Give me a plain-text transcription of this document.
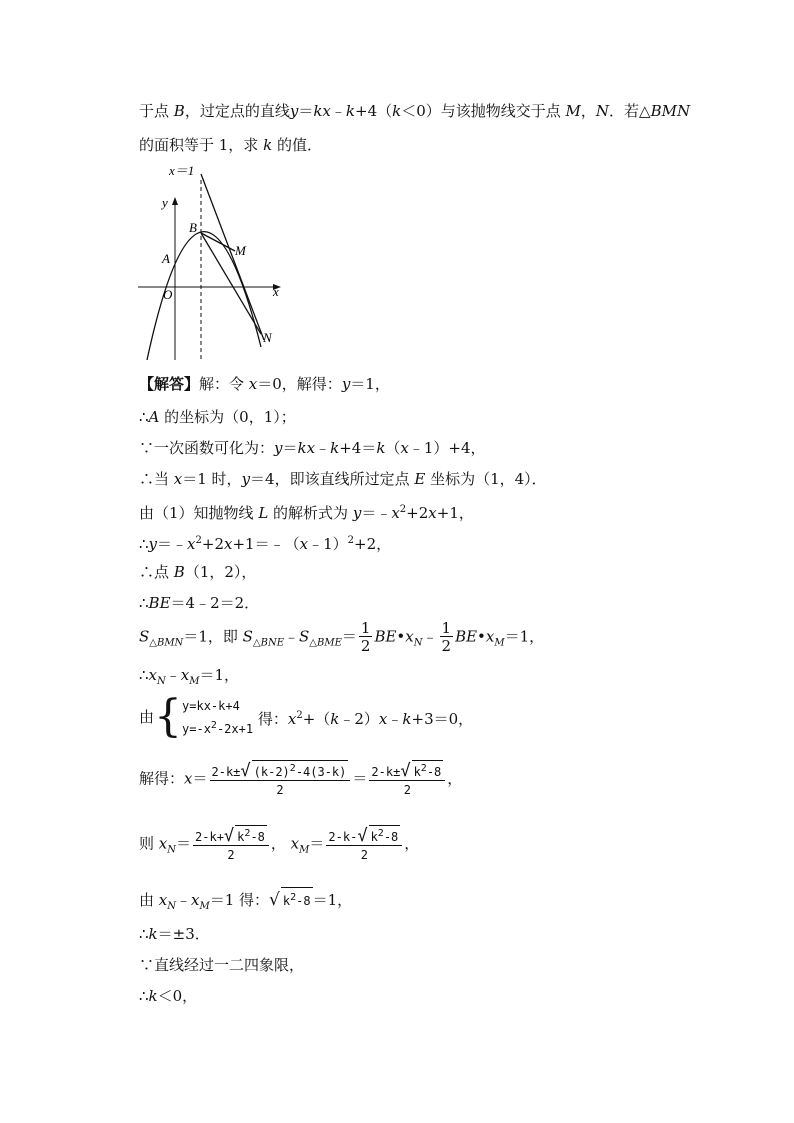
于点 B，过定点的直线y＝kx﹣k+4（k＜0）与该抛物线交于点 M，N．若△BMN
的面积等于 1，求 k 的值．
x＝1
y
x
O
A
B
M
N
【解答】解：令 x＝0，解得：y＝1，
∴A 的坐标为（0，1）；
∵一次函数可化为：y＝kx﹣k+4＝k（x﹣1）+4，
∴当 x＝1 时，y＝4，即该直线所过定点 E 坐标为（1，4）．
由（1）知抛物线 L 的解析式为 $y=﹣x^2+2x+1$，
$\therefore y=﹣x^2+2x+1=﹣(x﹣1)^2+2$，
∴点 B（1，2），
∴BE＝4﹣2＝2．
$S_{\triangle BMN}=1$，即 $S_{\triangle BNE}﹣S_{\triangle BME}= \frac{1}{2}$ $BE•x_N﹣ \frac{1}{2}$ $BE•x_M=1$，
$\therefore x_N﹣x_M=1$，
由{ y=kx-k+4
$y=-x^2-2x+1$
得：$x^2+(k﹣2)x﹣k+3=0$，
解得：$x= \frac{2-k\pm√ (k-2)^2-4(3-k)}{2} = \frac{2-k\pm√ k^2-8}{2}$ ，
则 $x_N= \frac{2-k+√ k^2-8}{2}$ ， $x_M= \frac{2-k-√ k^2-8}{2}$ ，
由 $x_N﹣x_M=1$ 得：√ $k^2-8 =1$，
∴k＝±3．
∵直线经过一二四象限，
∴k＜0，
